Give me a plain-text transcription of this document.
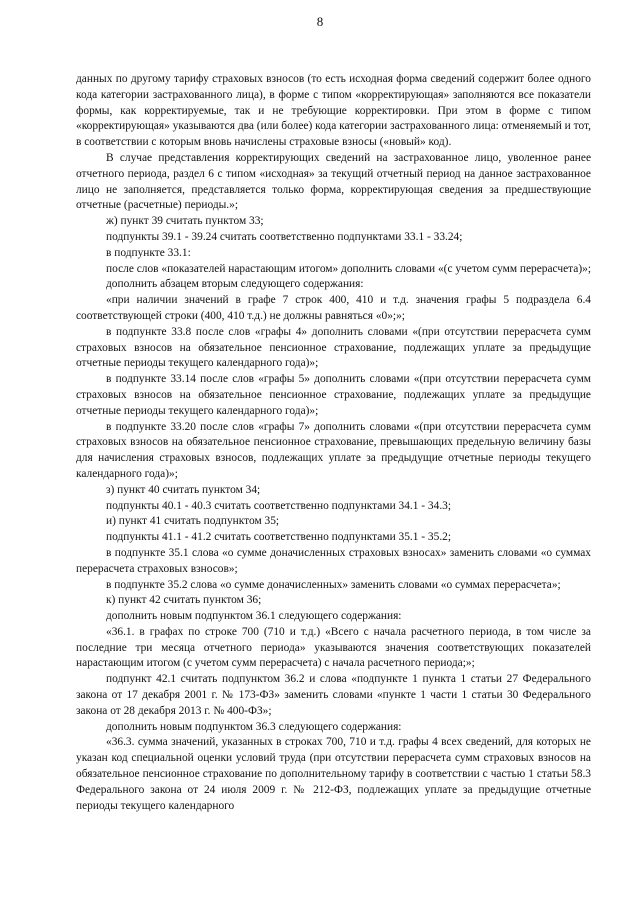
8

данных по другому тарифу страховых взносов (то есть исходная форма сведений содержит более одного кода категории застрахованного лица), в форме с типом «корректирующая» заполняются все показатели формы, как корректируемые, так и не требующие корректировки. При этом в форме с типом «корректирующая» указываются два (или более) кода категории застрахованного лица: отменяемый и тот, в соответствии с которым вновь начислены страховые взносы («новый» код).

В случае представления корректирующих сведений на застрахованное лицо, уволенное ранее отчетного периода, раздел 6 с типом «исходная» за текущий отчетный период на данное застрахованное лицо не заполняется, представляется только форма, корректирующая сведения за предшествующие отчетные (расчетные) периоды.»;

ж) пункт 39 считать пунктом 33;

подпункты 39.1 - 39.24 считать соответственно подпунктами 33.1 - 33.24;

в подпункте 33.1:

после слов «показателей нарастающим итогом» дополнить словами «(с учетом сумм перерасчета)»;

дополнить абзацем вторым следующего содержания:

«при наличии значений в графе 7 строк 400, 410 и т.д. значения графы 5 подраздела 6.4 соответствующей строки (400, 410 т.д.) не должны равняться «0»;»;

в подпункте 33.8 после слов «графы 4» дополнить словами «(при отсутствии перерасчета сумм страховых взносов на обязательное пенсионное страхование, подлежащих уплате за предыдущие отчетные периоды текущего календарного года)»;

в подпункте 33.14 после слов «графы 5» дополнить словами «(при отсутствии перерасчета сумм страховых взносов на обязательное пенсионное страхование, подлежащих уплате за предыдущие отчетные периоды текущего календарного года)»;

в подпункте 33.20 после слов «графы 7» дополнить словами «(при отсутствии перерасчета сумм страховых взносов на обязательное пенсионное страхование, превышающих предельную величину базы для начисления страховых взносов, подлежащих уплате за предыдущие отчетные периоды текущего календарного года)»;

з) пункт 40 считать пунктом 34;

подпункты 40.1 - 40.3 считать соответственно подпунктами 34.1 - 34.3;

и) пункт 41 считать подпунктом 35;

подпункты 41.1 - 41.2 считать соответственно подпунктами 35.1 - 35.2;

в подпункте 35.1 слова «о сумме доначисленных страховых взносах» заменить словами «о суммах перерасчета страховых взносов»;

в подпункте 35.2 слова «о сумме доначисленных» заменить словами «о суммах перерасчета»;

к) пункт 42 считать пунктом 36;

дополнить новым подпунктом 36.1 следующего содержания:

«36.1. в графах по строке 700 (710 и т.д.) «Всего с начала расчетного периода, в том числе за последние три месяца отчетного периода» указываются значения соответствующих показателей нарастающим итогом (с учетом сумм перерасчета) с начала расчетного периода;»;

подпункт 42.1 считать подпунктом 36.2 и слова «подпункте 1 пункта 1 статьи 27 Федерального закона от 17 декабря 2001 г. № 173-ФЗ» заменить словами «пункте 1 части 1 статьи 30 Федерального закона от 28 декабря 2013 г. № 400-ФЗ»;

дополнить новым подпунктом 36.3 следующего содержания:

«36.3. сумма значений, указанных в строках 700, 710 и т.д. графы 4 всех сведений, для которых не указан код специальной оценки условий труда (при отсутствии перерасчета сумм страховых взносов на обязательное пенсионное страхование по дополнительному тарифу в соответствии с частью 1 статьи 58.3 Федерального закона от 24 июля 2009 г. № 212-ФЗ, подлежащих уплате за предыдущие отчетные периоды текущего календарного
